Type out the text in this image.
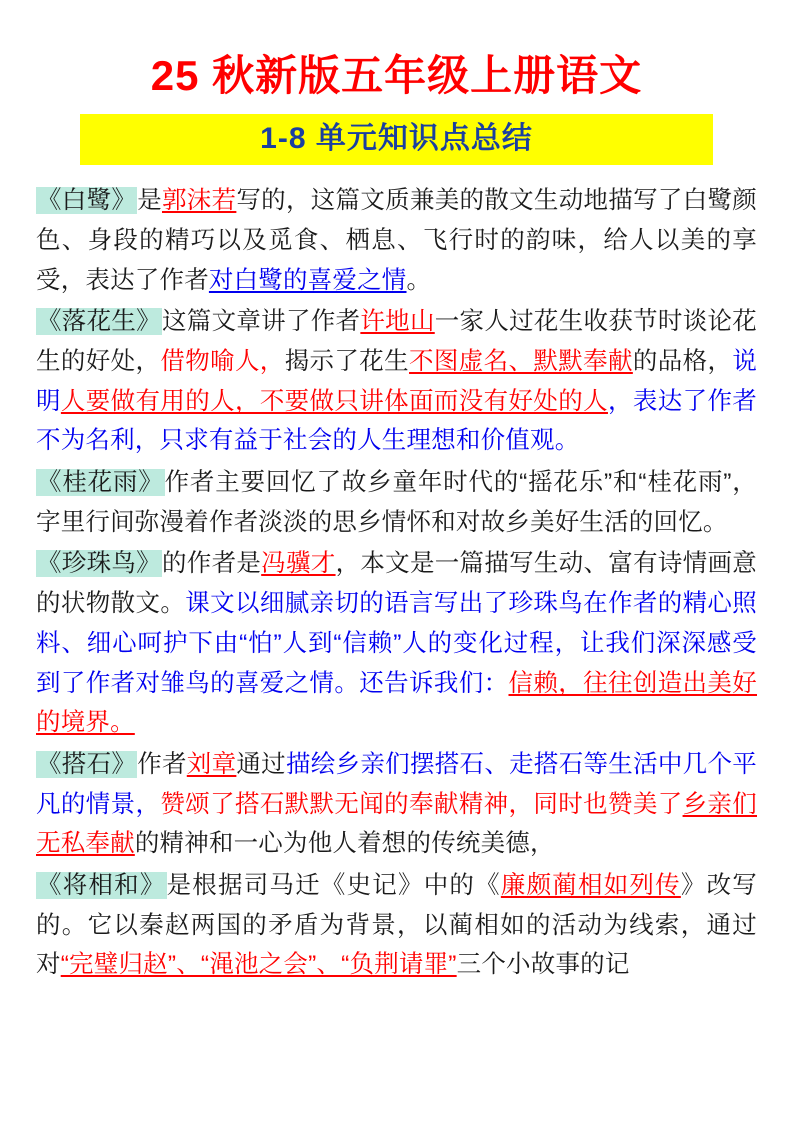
25 秋新版五年级上册语文
1-8 单元知识点总结
《白鹭》是郭沫若写的，这篇文质兼美的散文生动地描写了白鹭颜色、身段的精巧以及觅食、栖息、飞行时的韵味，给人以美的享受，表达了作者对白鹭的喜爱之情。
《落花生》这篇文章讲了作者许地山一家人过花生收获节时谈论花生的好处，借物喻人，揭示了花生不图虚名、默默奉献的品格，说明人要做有用的人，不要做只讲体面而没有好处的人，表达了作者不为名利，只求有益于社会的人生理想和价值观。
《桂花雨》作者主要回忆了故乡童年时代的“摇花乐”和“桂花雨”，字里行间弥漫着作者淡淡的思乡情怀和对故乡美好生活的回忆。
《珍珠鸟》的作者是冯骥才，本文是一篇描写生动、富有诗情画意的状物散文。课文以细腻亲切的语言写出了珍珠鸟在作者的精心照料、细心呵护下由“怕”人到“信赖”人的变化过程，让我们深深感受到了作者对雏鸟的喜爱之情。还告诉我们：信赖，往往创造出美好的境界。
《搭石》作者刘章通过描绘乡亲们摆搭石、走搭石等生活中几个平凡的情景，赞颂了搭石默默无闻的奉献精神，同时也赞美了乡亲们无私奉献的精神和一心为他人着想的传统美德，
《将相和》是根据司马迁《史记》中的《廉颇蔺相如列传》改写的。它以秦赵两国的矛盾为背景，以蔺相如的活动为线索，通过对“完璧归赵”、“渑池之会”、“负荆请罪”三个小故事的记
